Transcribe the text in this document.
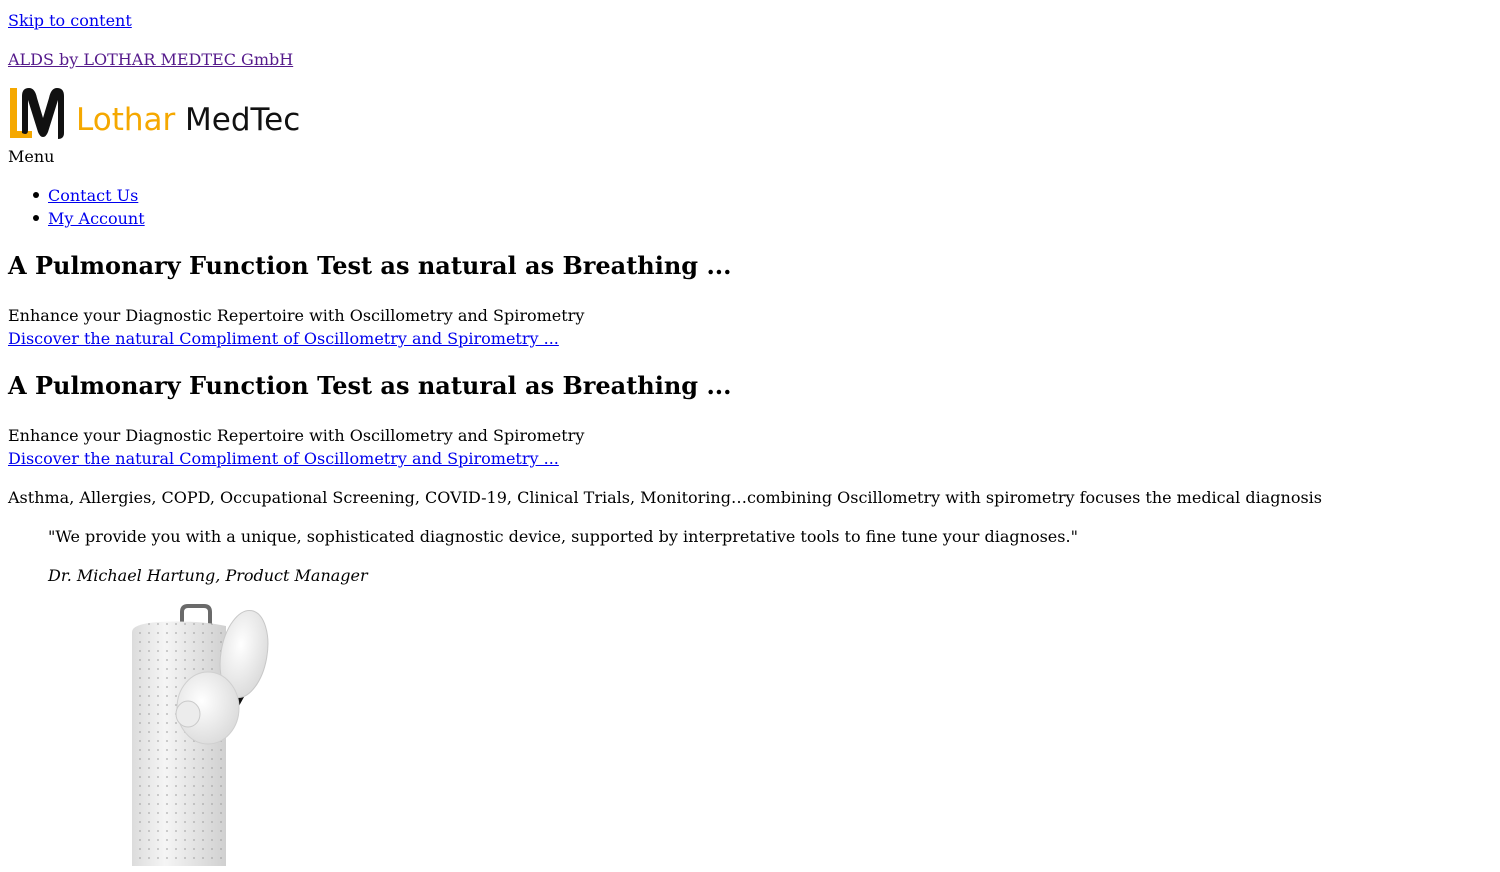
Skip to content
ALDS by LOTHAR MEDTEC GmbH
Lothar MedTec
Menu
Contact Us
My Account
A Pulmonary Function Test as natural as Breathing ...
Enhance your Diagnostic Repertoire with Oscillometry and Spirometry
Discover the natural Compliment of Oscillometry and Spirometry ...
A Pulmonary Function Test as natural as Breathing ...
Enhance your Diagnostic Repertoire with Oscillometry and Spirometry
Discover the natural Compliment of Oscillometry and Spirometry ...

Asthma, Allergies, COPD, Occupational Screening, COVID-19, Clinical Trials, Monitoring…combining Oscillometry with spirometry focuses the medical diagnosis

"We provide you with a unique, sophisticated diagnostic device, supported by interpretative tools to fine tune your diagnoses."

Dr. Michael Hartung, Product Manager
